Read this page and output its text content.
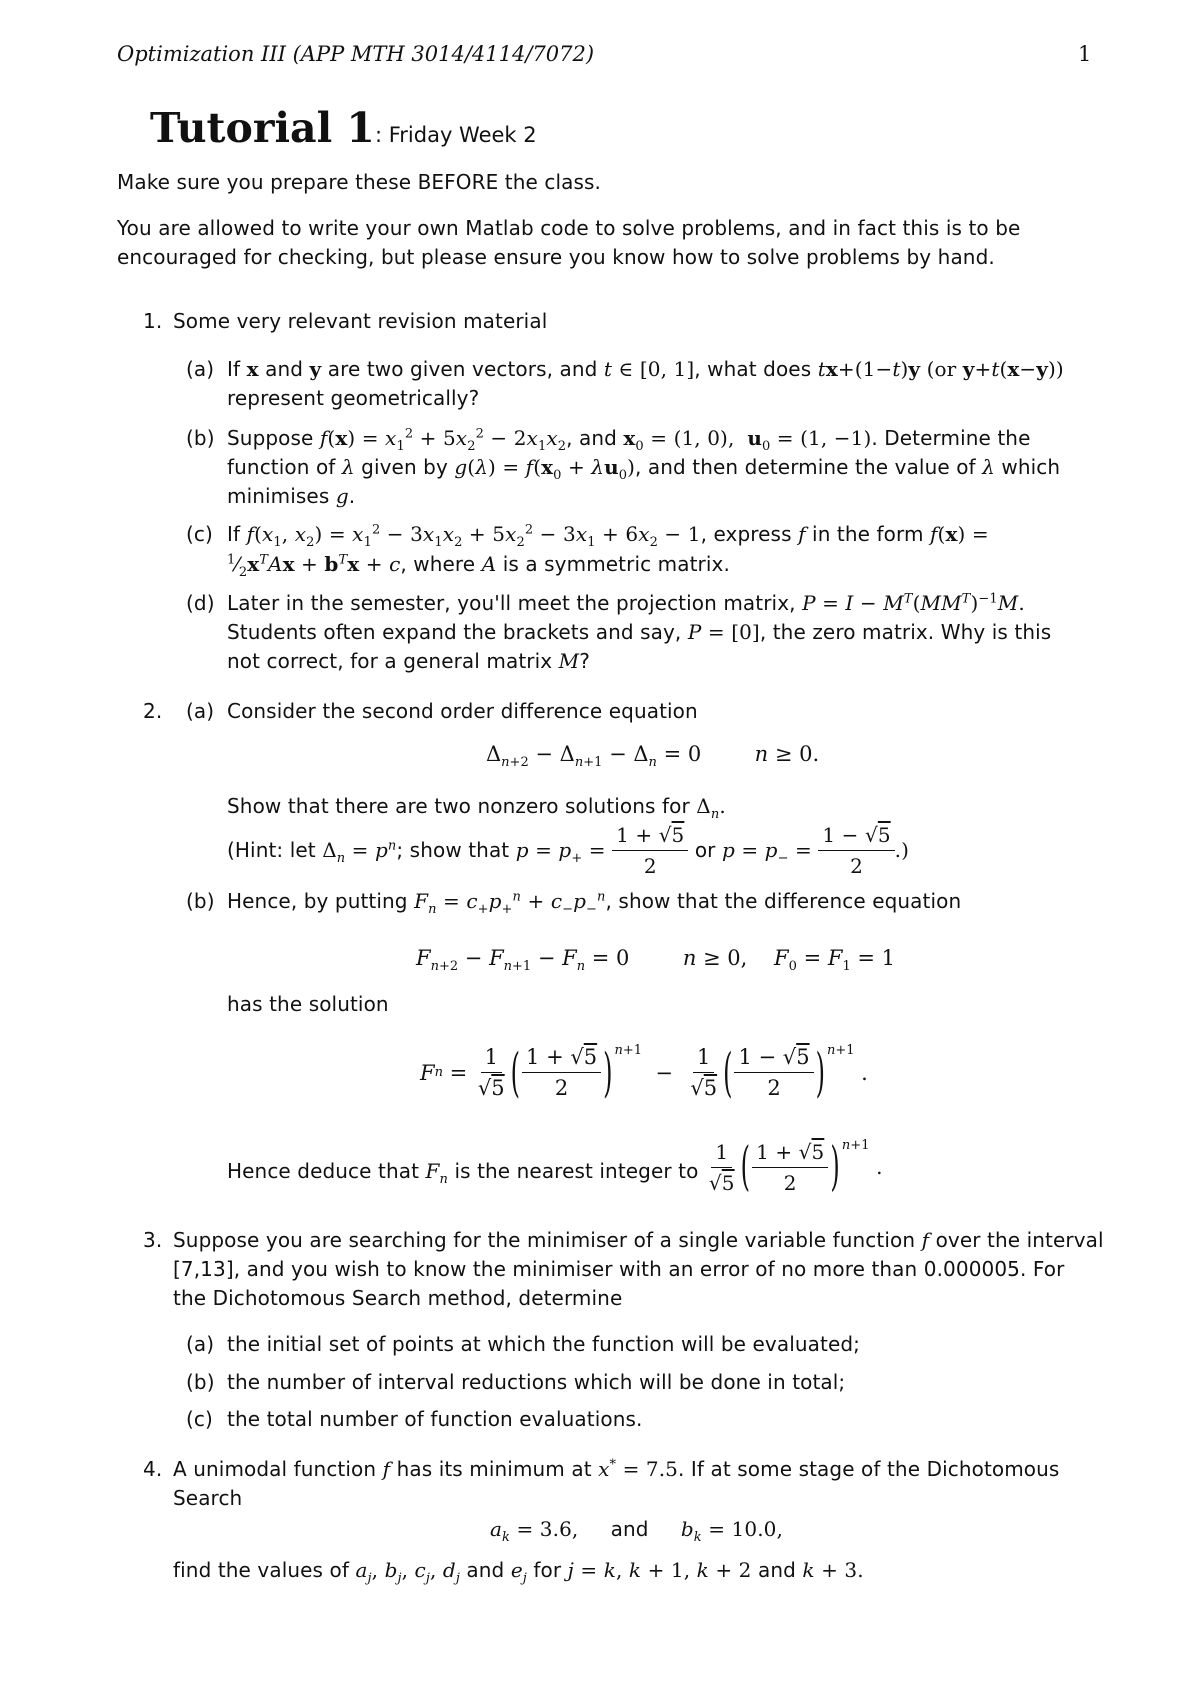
Optimization III (APP MTH 3014/4114/7072)	1
Tutorial 1: Friday Week 2
Make sure you prepare these BEFORE the class.
You are allowed to write your own Matlab code to solve problems, and in fact this is to be
encouraged for checking, but please ensure you know how to solve problems by hand.
1. Some very relevant revision material
(a) If x and y are two given vectors, and t ∈ [0, 1], what does tx+(1−t)y (or y+t(x−y))
represent geometrically?
(b) Suppose $f(x) = x_1^2 + 5x_2^2 - 2x_1x_2$, and $x_0 = (1$, 0),  $u_0 = (1$, −1). Determine the
function of λ given by $g(\lambda) = f(x_0 + \lambda u_0)$, and then determine the value of λ which
minimises g.
(c) If $f(x_1$, $x_2) = x_1^2 - 3x_1x_2 + 5x_2^2 - 3x_1 + 6x_2 - 1$, express f in the form f(x) =
$^1⁄_2x^TAx + b^Tx + c$, where A is a symmetric matrix.
(d) Later in the semester, you'll meet the projection matrix, $P = I - M^T(MM^T)^{-1}M$.
Students often expand the brackets and say, P = [0], the zero matrix. Why is this
not correct, for a general matrix M?
2. (a) Consider the second order difference equation
$\Delta_{n+2} - \Delta_{n+1} - \Delta_n = 0$        n ≥ 0.
Show that there are two nonzero solutions for $\Delta_n$.
(Hint: let
$\Delta_n = p^n$ ; show that
$p = p_+ = \frac{1 + √5}{2}$
or
$p = p_- = \frac{1 - √5}{2}$ .)
(b) Hence, by putting $F_n = c_+p_+^n + c_-p_-^n$, show that the difference equation
$F_{n+2} - F_{n+1} - F_n = 0$        n ≥ 0,    $F_0 = F_1 = 1$
has the solution
F $n = \frac{1}{√5}$ ( $\frac{1 + √5}{2}$ ) $^{n+1}$
− $\frac{1}{√5}$ ( $\frac{1 - √5}{2}$ ) $^{n+1}$
.
Hence deduce that $F_n$ is the nearest integer to $\frac{1}{√5}$ ( $\frac{1 + √5}{2}$ ) $^{n+1}$
.
3. Suppose you are searching for the minimiser of a single variable function f over the interval
[7,13], and you wish to know the minimiser with an error of no more than 0.000005. For
the Dichotomous Search method, determine
(a) the initial set of points at which the function will be evaluated;
(b) the number of interval reductions which will be done in total;
(c) the total number of function evaluations.
4. A unimodal function f has its minimum at x* = 7.5. If at some stage of the Dichotomous
Search
$a_k = 3.6$, and $b_k = 10.0$,
find the values of $a_j$, $b_j$, $c_j$, $d_j$ and $e_j$ for j = k, k + 1, k + 2 and k + 3.
